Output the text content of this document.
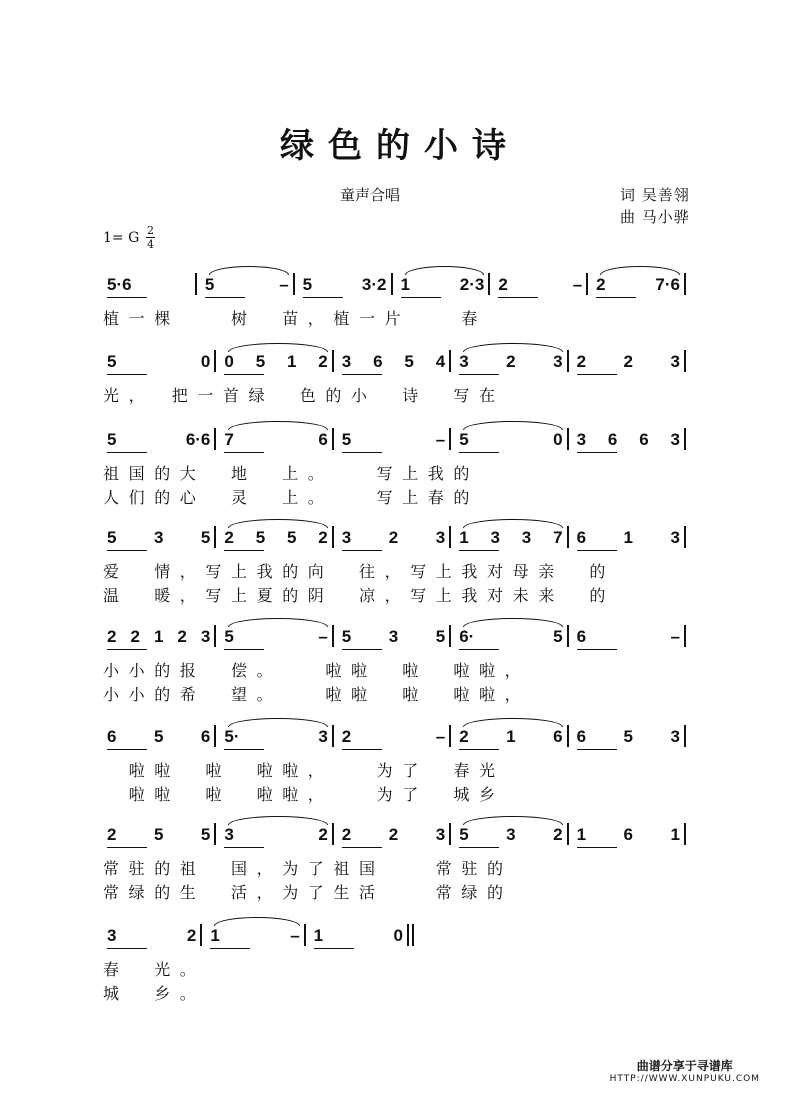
绿色的小诗
童声合唱	词 吴善翎
曲 马小骅
1= G 2
4
5·6	5	– 5	3·2 1	2·3 2	– 2	7·6
植一棵　　树　苗，植一片　　春
5	0 0 5 1 2 3 6 5 4 3 2 3 2 2 3
光，　把一首绿　色的小　诗　写在
5	6·6 7	6 5	– 5	0 3 6 6 3
祖国的大　地　上。　　写上我的
人们的心　灵　上。　　写上春的
5 3 5 2 5 5 2 3 2 3 1 3 3 7 6 1 3
爱　情，写上我的向　往，写上我对母亲　的
温　暖，写上夏的阴　凉，写上我对未来　的
2 2 1 2 3 5	– 5 3 5 6·	5 6	–
小小的报　偿。　　啦啦　啦　啦啦，
小小的希　望。　　啦啦　啦　啦啦，
6 5 6 5·	3 2	– 2 1 6 6 5 3
　啦啦　啦　啦啦，　　为了　春光
　啦啦　啦　啦啦，　　为了　城乡
2 5 5 3	2 2 2 3 5 3 2 1 6 1
常驻的祖　国，为了祖国　　常驻的
常绿的生　活，为了生活　　常绿的
3	2 1	– 1	0
春　光。
城　乡。
曲谱分享于寻谱库
HTTP://WWW.XUNPUKU.COM
